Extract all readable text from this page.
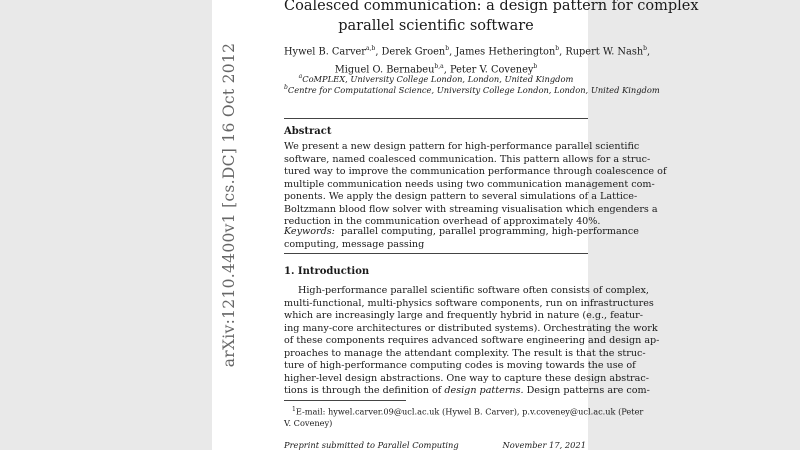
arXiv:1210.4400v1 [cs.DC] 16 Oct 2012
Coalesced communication: a design pattern for complex
parallel scientific software
Hywel B. Carver$^{a,b}$, Derek Groen$^b$, James Hetherington$^b$, Rupert W. Nash$^b$,
Miguel O. Bernabeu$^{b,a}$, Peter V. Coveney$^b$
$^a$CoMPLEX, University College London, London, United Kingdom
$^b$Centre for Computational Science, University College London, London, United Kingdom
Abstract
We present a new design pattern for high-performance parallel scientific
software, named coalesced communication. This pattern allows for a struc-
tured way to improve the communication performance through coalescence of
multiple communication needs using two communication management com-
ponents. We apply the design pattern to several simulations of a Lattice-
Boltzmann blood flow solver with streaming visualisation which engenders a
reduction in the communication overhead of approximately 40%.
Keywords: parallel computing, parallel programming, high-performance
computing, message passing
1. Introduction
High-performance parallel scientific software often consists of complex,
multi-functional, multi-physics software components, run on infrastructures
which are increasingly large and frequently hybrid in nature (e.g., featur-
ing many-core architectures or distributed systems). Orchestrating the work
of these components requires advanced software engineering and design ap-
proaches to manage the attendant complexity. The result is that the struc-
ture of high-performance computing codes is moving towards the use of
higher-level design abstractions. One way to capture these design abstrac-
tions is through the definition of design patterns. Design patterns are com-
$^1$E-mail: hywel.carver.09@ucl.ac.uk (Hywel B. Carver), p.v.coveney@ucl.ac.uk (Peter
V. Coveney)
Preprint submitted to Parallel Computing	November 17, 2021
